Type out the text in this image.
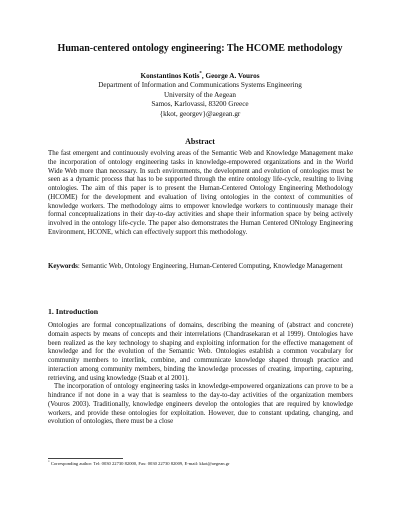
Human-centered ontology engineering: The HCOME methodology
Konstantinos Kotis*, George A. Vouros
Department of Information and Communications Systems Engineering
University of the Aegean
Samos, Karlovassi, 83200 Greece
{kkot, georgev}@aegean.gr
Abstract
The fast emergent and continuously evolving areas of the Semantic Web and Knowledge Management make the incorporation of ontology engineering tasks in knowledge-empowered organizations and in the World Wide Web more than necessary. In such environments, the development and evolution of ontologies must be seen as a dynamic process that has to be supported through the entire ontology life-cycle, resulting to living ontologies. The aim of this paper is to present the Human-Centered Ontology Engineering Methodology (HCOME) for the development and evaluation of living ontologies in the context of communities of knowledge workers. The methodology aims to empower knowledge workers to continuously manage their formal conceptualizations in their day-to-day activities and shape their information space by being actively involved in the ontology life-cycle. The paper also demonstrates the Human Centered ONtology Engineering Environment, HCONE, which can effectively support this methodology.
Keywords: Semantic Web, Ontology Engineering, Human-Centered Computing, Knowledge Management
1. Introduction

Ontologies are formal conceptualizations of domains, describing the meaning of (abstract and concrete) domain aspects by means of concepts and their interrelations (Chandrasekaran et al 1999). Ontologies have been realized as the key technology to shaping and exploiting information for the effective management of knowledge and for the evolution of the Semantic Web. Ontologies establish a common vocabulary for community members to interlink, combine, and communicate knowledge shaped through practice and interaction among community members, binding the knowledge processes of creating, importing, capturing, retrieving, and using knowledge (Staab et al 2001).

The incorporation of ontology engineering tasks in knowledge-empowered organizations can prove to be a hindrance if not done in a way that is seamless to the day-to-day activities of the organization members (Vouros 2003). Traditionally, knowledge engineers develop the ontologies that are required by knowledge workers, and provide these ontologies for exploitation. However, due to constant updating, changing, and evolution of ontologies, there must be a close

* Corresponding author: Tel: 0030 22730 82000, Fax: 0030 22730 82009, E-mail: kkot@aegean.gr
